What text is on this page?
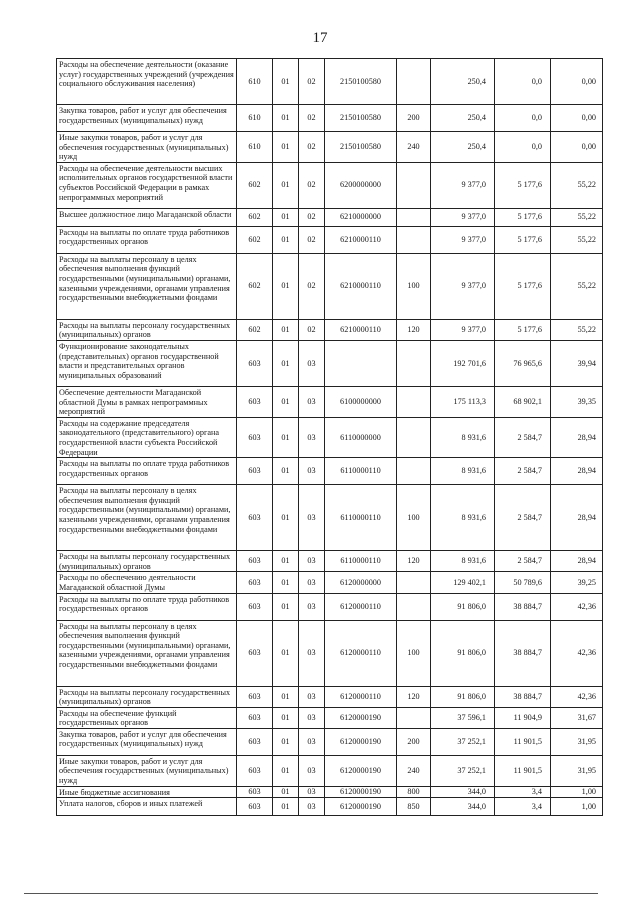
17
Расходы на обеспечение деятельности (оказание услуг) государственных учреждений (учреждения социального обслуживания населения)	610	01	02	2150100580		250,4	0,0	0,00
Закупка товаров, работ и услуг для обеспечения государственных (муниципальных) нужд	610	01	02	2150100580	200	250,4	0,0	0,00
Иные закупки товаров, работ и услуг для обеспечения государственных (муниципальных) нужд	610	01	02	2150100580	240	250,4	0,0	0,00
Расходы на обеспечение деятельности высших исполнительных органов государственной власти субъектов Российской Федерации в рамках непрограммных мероприятий	602	01	02	6200000000		9 377,0	5 177,6	55,22
Высшее должностное лицо Магаданской области	602	01	02	6210000000		9 377,0	5 177,6	55,22
Расходы на выплаты по оплате труда работников государственных органов	602	01	02	6210000110		9 377,0	5 177,6	55,22
Расходы на выплаты персоналу в целях обеспечения выполнения функций государственными (муниципальными) органами, казенными учреждениями, органами управления государственными внебюджетными фондами	602	01	02	6210000110	100	9 377,0	5 177,6	55,22
Расходы на выплаты персоналу государственных (муниципальных) органов	602	01	02	6210000110	120	9 377,0	5 177,6	55,22
Функционирование законодательных (представительных) органов государственной власти и представительных органов муниципальных образований	603	01	03			192 701,6	76 965,6	39,94
Обеспечение деятельности Магаданской областной Думы в рамках непрограммных мероприятий	603	01	03	6100000000		175 113,3	68 902,1	39,35
Расходы на содержание председателя законодательного (представительного) органа государственной власти субъекта Российской Федерации	603	01	03	6110000000		8 931,6	2 584,7	28,94
Расходы на выплаты по оплате труда работников государственных органов	603	01	03	6110000110		8 931,6	2 584,7	28,94
Расходы на выплаты персоналу в целях обеспечения выполнения функций государственными (муниципальными) органами, казенными учреждениями, органами управления государственными внебюджетными фондами	603	01	03	6110000110	100	8 931,6	2 584,7	28,94
Расходы на выплаты персоналу государственных (муниципальных) органов	603	01	03	6110000110	120	8 931,6	2 584,7	28,94
Расходы по обеспечению деятельности Магаданской областной Думы	603	01	03	6120000000		129 402,1	50 789,6	39,25
Расходы на выплаты по оплате труда работников государственных органов	603	01	03	6120000110		91 806,0	38 884,7	42,36
Расходы на выплаты персоналу в целях обеспечения выполнения функций государственными (муниципальными) органами, казенными учреждениями, органами управления государственными внебюджетными фондами	603	01	03	6120000110	100	91 806,0	38 884,7	42,36
Расходы на выплаты персоналу государственных (муниципальных) органов	603	01	03	6120000110	120	91 806,0	38 884,7	42,36
Расходы на обеспечение функций государственных органов	603	01	03	6120000190		37 596,1	11 904,9	31,67
Закупка товаров, работ и услуг для обеспечения государственных (муниципальных) нужд	603	01	03	6120000190	200	37 252,1	11 901,5	31,95
Иные закупки товаров, работ и услуг для обеспечения государственных (муниципальных) нужд	603	01	03	6120000190	240	37 252,1	11 901,5	31,95
Иные бюджетные ассигнования	603	01	03	6120000190	800	344,0	3,4	1,00
Уплата налогов, сборов и иных платежей	603	01	03	6120000190	850	344,0	3,4	1,00
